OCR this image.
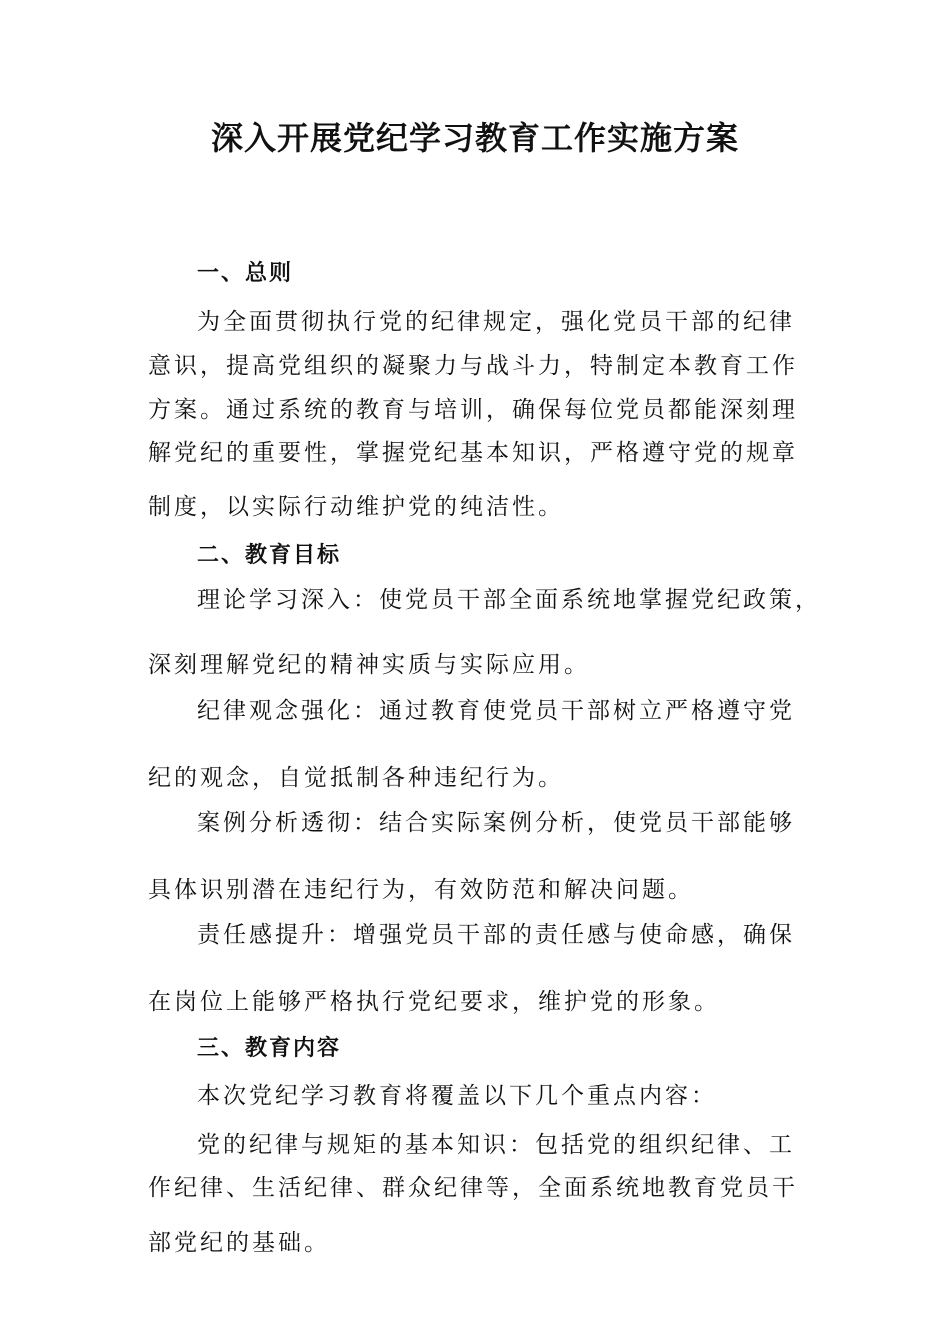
深入开展党纪学习教育工作实施方案
一、总则
为全面贯彻执行党的纪律规定，强化党员干部的纪律
意识，提高党组织的凝聚力与战斗力，特制定本教育工作
方案。通过系统的教育与培训，确保每位党员都能深刻理
解党纪的重要性，掌握党纪基本知识，严格遵守党的规章
制度，以实际行动维护党的纯洁性。
二、教育目标
理论学习深入：使党员干部全面系统地掌握党纪政策，
深刻理解党纪的精神实质与实际应用。
纪律观念强化：通过教育使党员干部树立严格遵守党
纪的观念，自觉抵制各种违纪行为。
案例分析透彻：结合实际案例分析，使党员干部能够
具体识别潜在违纪行为，有效防范和解决问题。
责任感提升：增强党员干部的责任感与使命感，确保
在岗位上能够严格执行党纪要求，维护党的形象。
三、教育内容
本次党纪学习教育将覆盖以下几个重点内容：
党的纪律与规矩的基本知识：包括党的组织纪律、工
作纪律、生活纪律、群众纪律等，全面系统地教育党员干
部党纪的基础。
